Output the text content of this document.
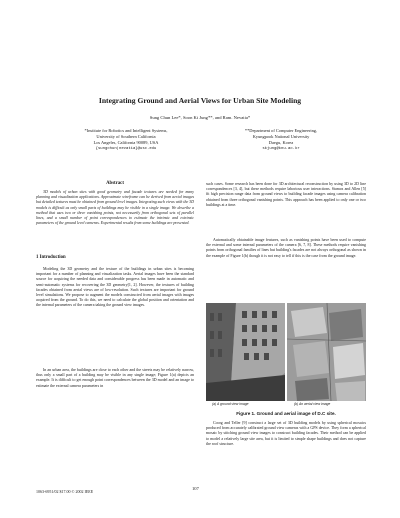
Integrating Ground and Aerial Views for Urban Site Modeling
Sung Chun Lee*, Soon Ki Jung**, and Ram. Nevatia*
*Institute for Robotics and Intelligent Systems,
University of Southern California
Los Angeles, California 90089, USA
{sungchun|nevatia}@usc.edu
**Department of Computer Engineering,
Kyungpook National University
Daegu, Korea
skjung@knu.ac.kr
Abstract

3D models of urban sites with good geometry and facade textures are needed for many planning and visualization applications. Approximate wireframe can be derived from aerial images but detailed textures must be obtained from ground level images. Integrating such views with the 3D models is difficult as only small parts of buildings may be visible in a single image. We describe a method that uses two or three vanishing points, not necessarily from orthogonal sets of parallel lines, and a small number of point correspondences to estimate the intrinsic and extrinsic parameters of the ground level cameras. Experimental results from some buildings are presented.

1 Introduction

Modeling the 3D geometry and the texture of the buildings in urban sites is becoming important for a number of planning and visualization tasks. Aerial images have been the standard source for acquiring the needed data and considerable progress has been made in automatic and semi-automatic systems for recovering the 3D geometry[1, 2]. However, the textures of building facades obtained from aerial views are of low-resolution. Such textures are important for ground level simulations. We propose to augment the models constructed from aerial images with images acquired from the ground. To do this, we need to calculate the global position and orientation and the internal parameters of the camera taking the ground view images.

In an urban area, the buildings are close to each other and the streets may be relatively narrow, thus only a small part of a building may be visible in any single image; Figure 1(a) depicts an example. It is difficult to get enough point correspondences between the 3D model and an image to estimate the external camera parameters in

such cases. Some research has been done for 3D architectural reconstruction by using 3D to 2D line correspondences [3, 4], but these methods require laborious user interactions. Stamos and Allen [5] fit high precision range data from ground views to building facade images using camera calibration obtained from three orthogonal vanishing points. This approach has been applied to only one or two buildings at a time.

Automatically obtainable image features, such as vanishing points have been used to compute the external and some internal parameters of the camera [6, 7, 8]. These methods require vanishing points from orthogonal families of lines but building's facades are not always orthogonal as shown in the example of Figure 1(b) though it is not easy to tell if this is the case from the ground image.

(a) A ground view image	(b) An aerial view image
Figure 1. Ground and aerial image of D.C site.

Coorg and Teller [9] construct a large set of 3D building models by using spherical mosaics produced from accurately calibrated ground view cameras with a GPS device. They form a spherical mosaic by stitching ground view images to construct building facades. Their method can be applied to model a relatively large site area, but it is limited to simple shape buildings and does not capture the roof structure.

1063-6951/02 $17.00 © 2002 IEEE
107
